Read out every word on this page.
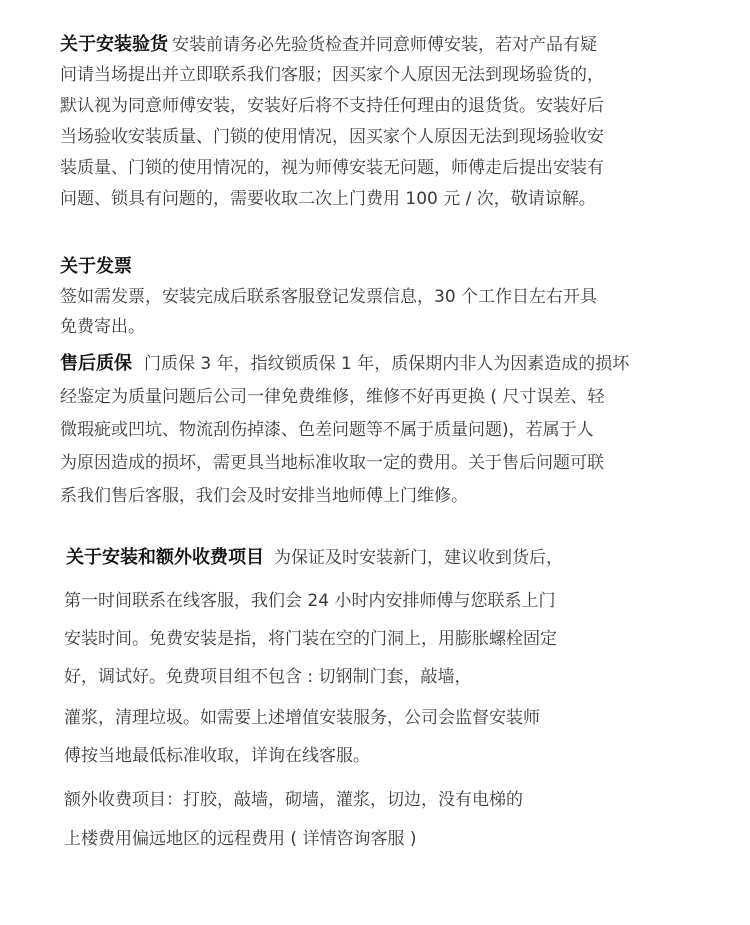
关于安装验货 安装前请务必先验货检查并同意师傅安装，若对产品有疑
问请当场提出并立即联系我们客服；因买家个人原因无法到现场验货的，
默认视为同意师傅安装，安装好后将不支持任何理由的退货货。安装好后
当场验收安装质量、门锁的使用情况，因买家个人原因无法到现场验收安
装质量、门锁的使用情况的，视为师傅安装无问题，师傅走后提出安装有
问题、锁具有问题的，需要收取二次上门费用 100 元 / 次，敬请谅解。
关于发票
签如需发票，安装完成后联系客服登记发票信息，30 个工作日左右开具
免费寄出。
售后质保 门质保 3 年，指纹锁质保 1 年，质保期内非人为因素造成的损坏
经鉴定为质量问题后公司一律免费维修，维修不好再更换 ( 尺寸误差、轻
微瑕疵或凹坑、物流刮伤掉漆、色差问题等不属于质量问题)，若属于人
为原因造成的损坏，需更具当地标准收取一定的费用。关于售后问题可联
系我们售后客服，我们会及时安排当地师傅上门维修。
关于安装和额外收费项目 为保证及时安装新门，建议收到货后，
第一时间联系在线客服，我们会 24 小时内安排师傅与您联系上门
安装时间。免费安装是指，将门装在空的门洞上，用膨胀螺栓固定
好，调试好。免费项目组不包含 : 切钢制门套，敲墙，
灌浆，清理垃圾。如需要上述增值安装服务，公司会监督安装师
傅按当地最低标准收取，详询在线客服。
额外收费项目：打胶，敲墙，砌墙，灌浆，切边，没有电梯的
上楼费用偏远地区的远程费用 ( 详情咨询客服 )
